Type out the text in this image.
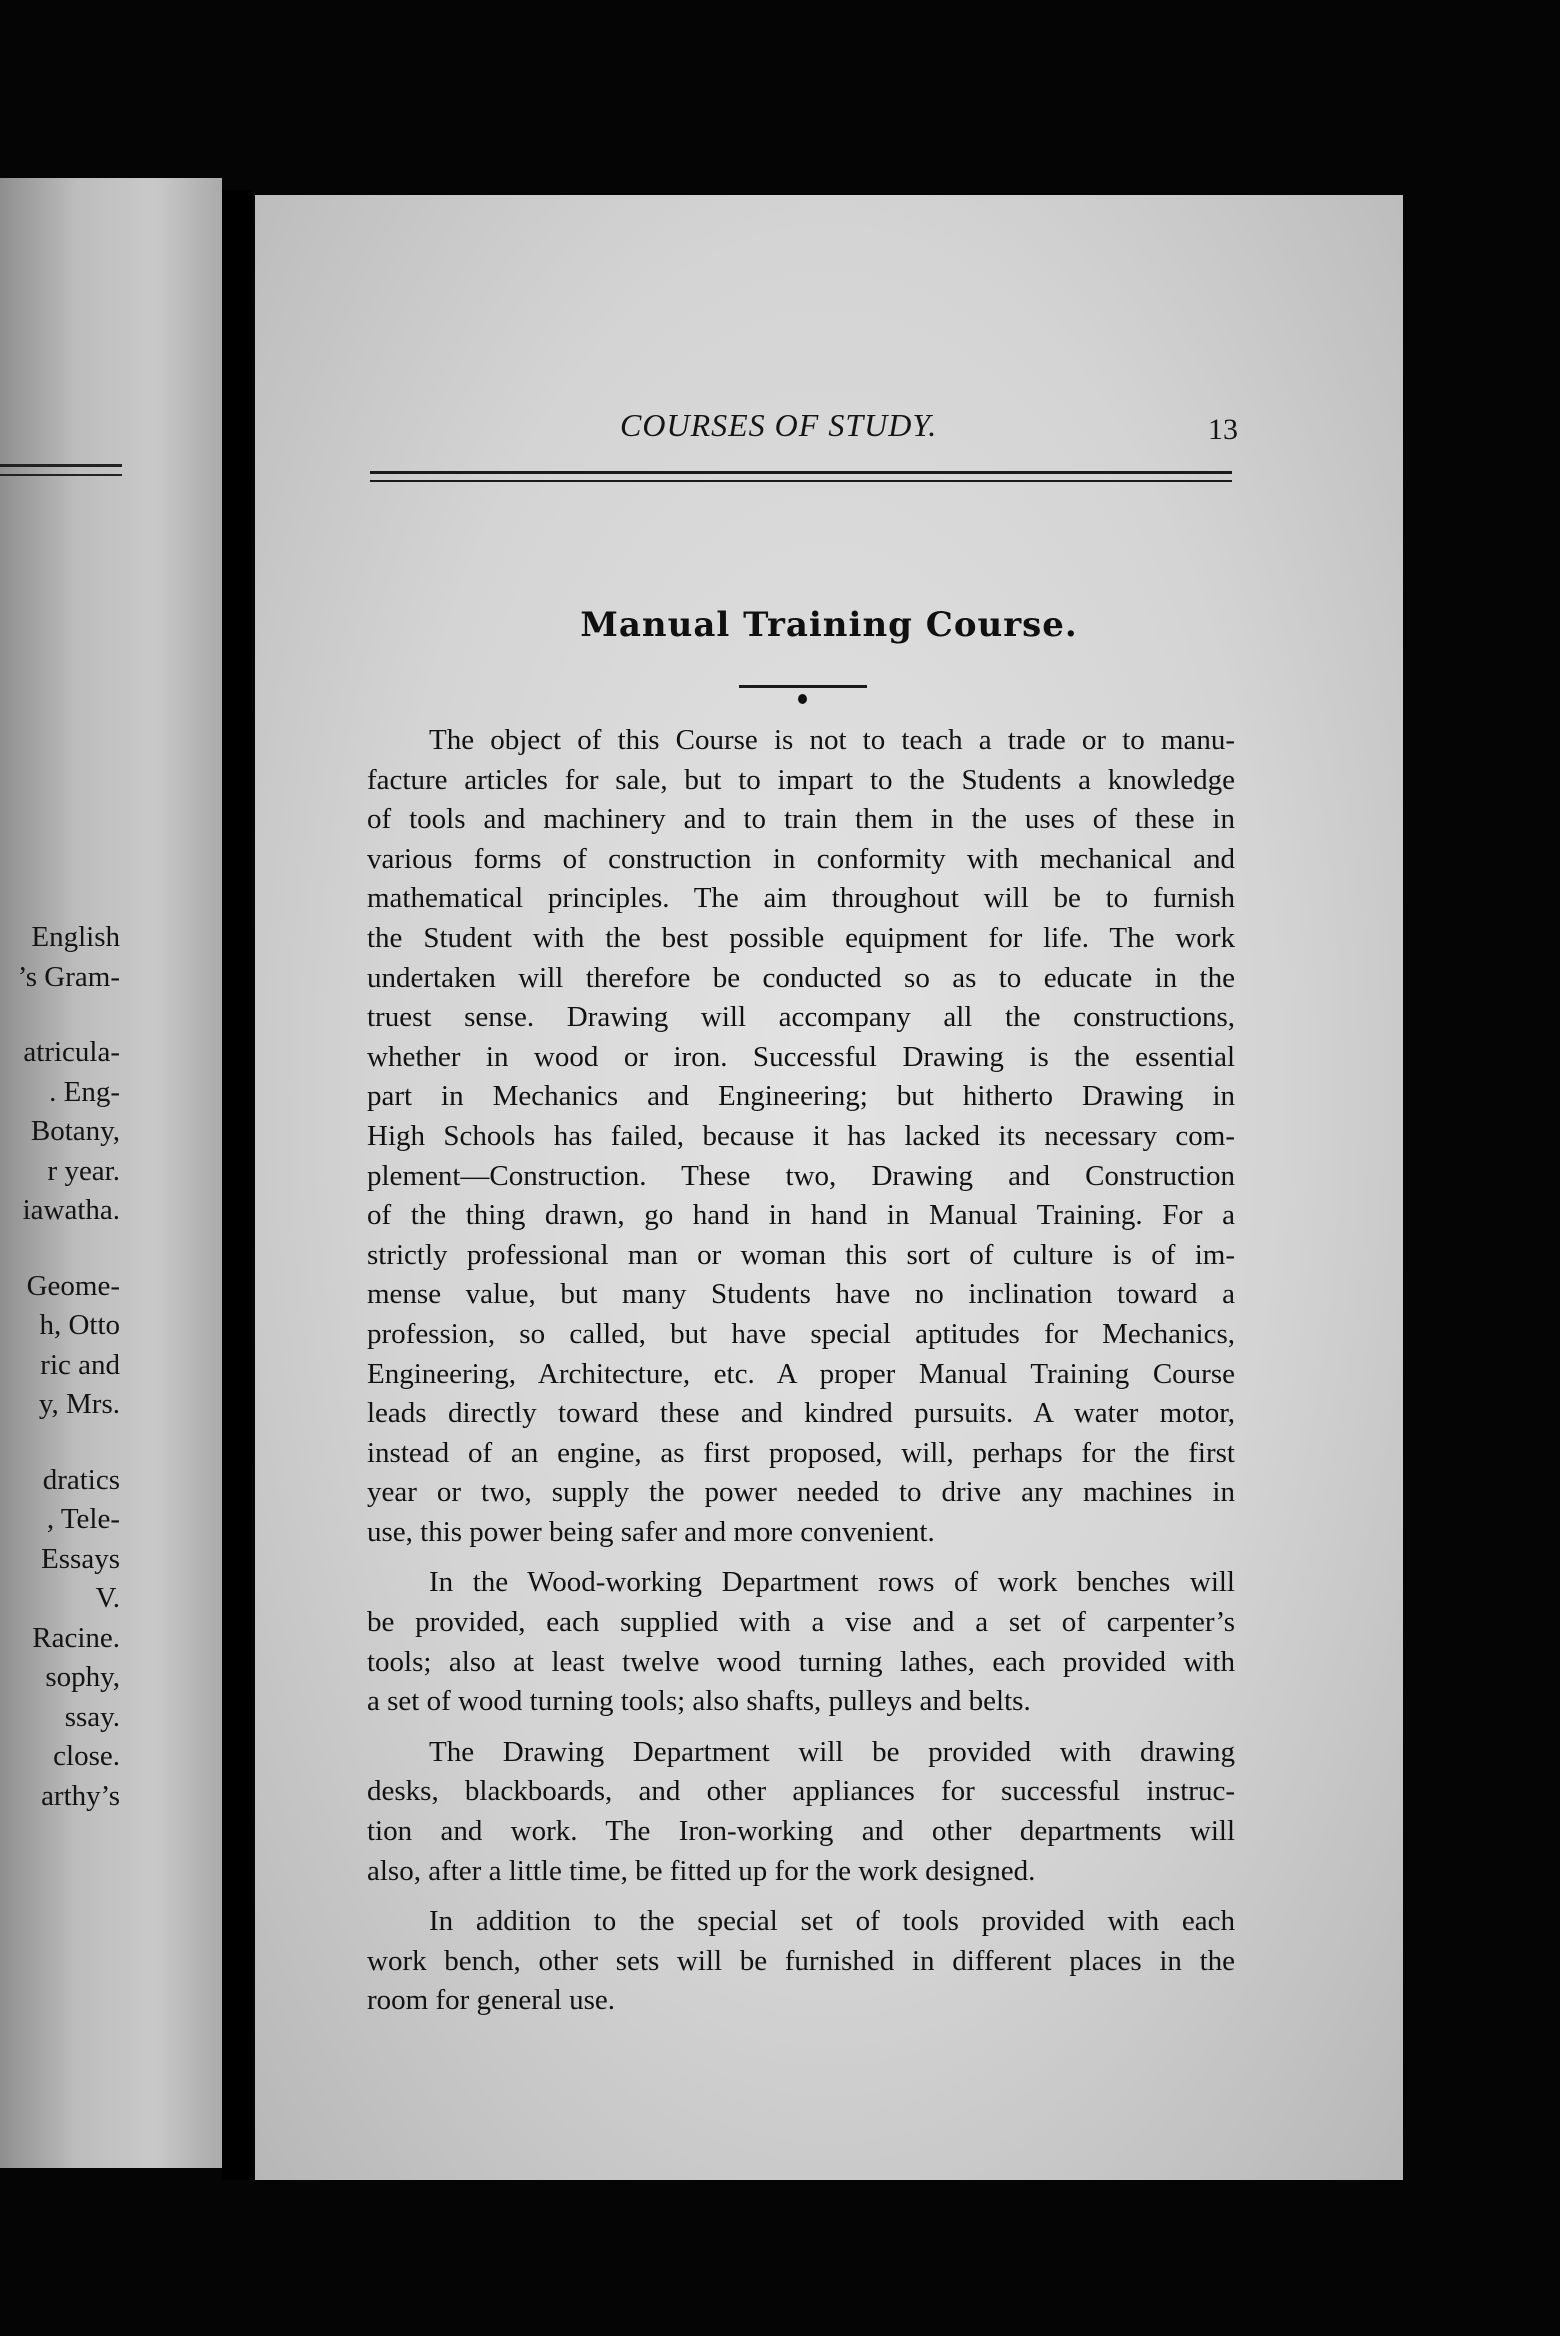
English
’s Gram-
atricula-
. Eng-
Botany,
r year.
iawatha.
Geome-
h, Otto
ric and
y, Mrs.
dratics
, Tele-
Essays
V.
Racine.
sophy,
ssay.
close.
arthy’s
COURSES OF STUDY.	13
Manual Training Course.
The object of this Course is not to teach a trade or to manu-
facture articles for sale, but to impart to the Students a knowledge
of tools and machinery and to train them in the uses of these in
various forms of construction in conformity with mechanical and
mathematical principles. The aim throughout will be to furnish
the Student with the best possible equipment for life. The work
undertaken will therefore be conducted so as to educate in the
truest sense. Drawing will accompany all the constructions,
whether in wood or iron. Successful Drawing is the essential
part in Mechanics and Engineering; but hitherto Drawing in
High Schools has failed, because it has lacked its necessary com-
plement—Construction. These two, Drawing and Construction
of the thing drawn, go hand in hand in Manual Training. For a
strictly professional man or woman this sort of culture is of im-
mense value, but many Students have no inclination toward a
profession, so called, but have special aptitudes for Mechanics,
Engineering, Architecture, etc. A proper Manual Training Course
leads directly toward these and kindred pursuits. A water motor,
instead of an engine, as first proposed, will, perhaps for the first
year or two, supply the power needed to drive any machines in
use, this power being safer and more convenient.
In the Wood-working Department rows of work benches will
be provided, each supplied with a vise and a set of carpenter’s
tools; also at least twelve wood turning lathes, each provided with
a set of wood turning tools; also shafts, pulleys and belts.
The Drawing Department will be provided with drawing
desks, blackboards, and other appliances for successful instruc-
tion and work. The Iron-working and other departments will
also, after a little time, be fitted up for the work designed.
In addition to the special set of tools provided with each
work bench, other sets will be furnished in different places in the
room for general use.
